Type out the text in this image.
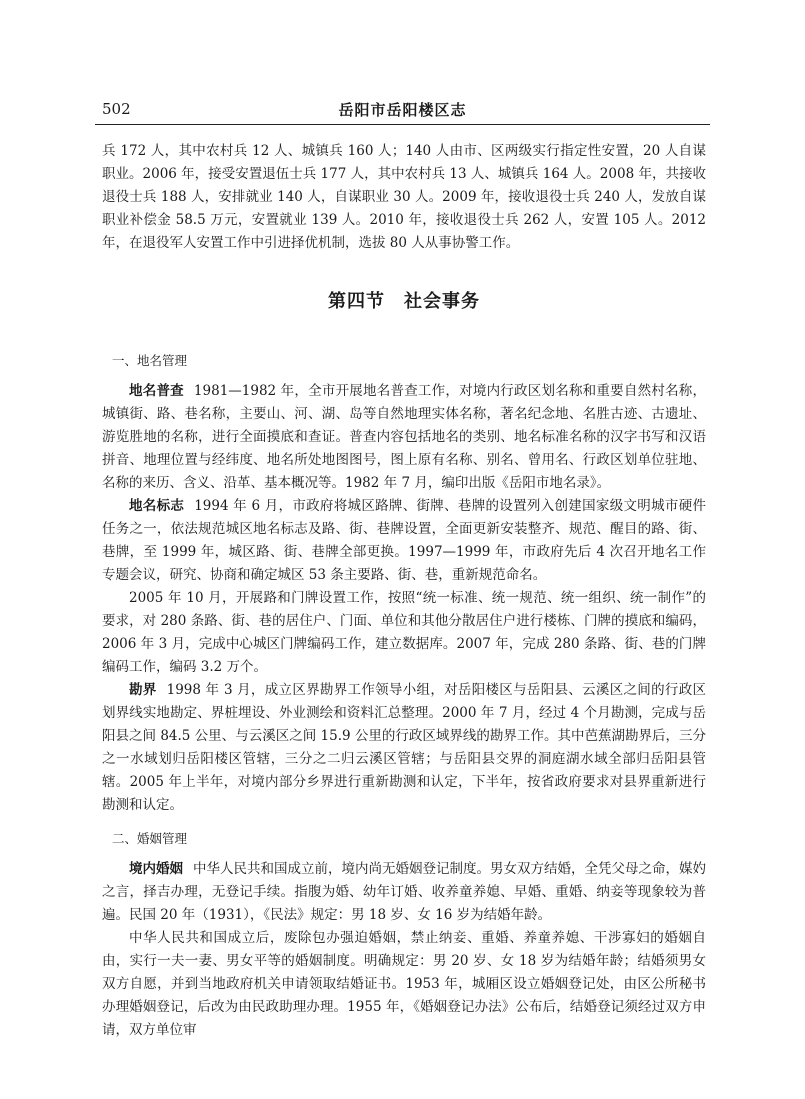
502	岳阳市岳阳楼区志

兵 172 人，其中农村兵 12 人、城镇兵 160 人；140 人由市、区两级实行指定性安置，20 人自谋职业。2006 年，接受安置退伍士兵 177 人，其中农村兵 13 人、城镇兵 164 人。2008 年，共接收退役士兵 188 人，安排就业 140 人，自谋职业 30 人。2009 年，接收退役士兵 240 人，发放自谋职业补偿金 58.5 万元，安置就业 139 人。2010 年，接收退役士兵 262 人，安置 105 人。2012 年，在退役军人安置工作中引进择优机制，选拔 80 人从事协警工作。

第四节　社会事务
一、地名管理

地名普查 1981—1982 年，全市开展地名普查工作，对境内行政区划名称和重要自然村名称，城镇街、路、巷名称，主要山、河、湖、岛等自然地理实体名称，著名纪念地、名胜古迹、古遗址、游览胜地的名称，进行全面摸底和查证。普查内容包括地名的类别、地名标准名称的汉字书写和汉语拼音、地理位置与经纬度、地名所处地图图号，图上原有名称、别名、曾用名、行政区划单位驻地、名称的来历、含义、沿革、基本概况等。1982 年 7 月，编印出版《岳阳市地名录》。

地名标志 1994 年 6 月，市政府将城区路牌、街牌、巷牌的设置列入创建国家级文明城市硬件任务之一，依法规范城区地名标志及路、街、巷牌设置，全面更新安装整齐、规范、醒目的路、街、巷牌，至 1999 年，城区路、街、巷牌全部更换。1997—1999 年，市政府先后 4 次召开地名工作专题会议，研究、协商和确定城区 53 条主要路、街、巷，重新规范命名。

2005 年 10 月，开展路和门牌设置工作，按照“统一标准、统一规范、统一组织、统一制作”的要求，对 280 条路、街、巷的居住户、门面、单位和其他分散居住户进行楼栋、门牌的摸底和编码，2006 年 3 月，完成中心城区门牌编码工作，建立数据库。2007 年，完成 280 条路、街、巷的门牌编码工作，编码 3.2 万个。

勘界 1998 年 3 月，成立区界勘界工作领导小组，对岳阳楼区与岳阳县、云溪区之间的行政区划界线实地勘定、界桩埋设、外业测绘和资料汇总整理。2000 年 7 月，经过 4 个月勘测，完成与岳阳县之间 84.5 公里、与云溪区之间 15.9 公里的行政区域界线的勘界工作。其中芭蕉湖勘界后，三分之一水域划归岳阳楼区管辖，三分之二归云溪区管辖；与岳阳县交界的洞庭湖水域全部归岳阳县管辖。2005 年上半年，对境内部分乡界进行重新勘测和认定，下半年，按省政府要求对县界重新进行勘测和认定。

二、婚姻管理

境内婚姻 中华人民共和国成立前，境内尚无婚姻登记制度。男女双方结婚，全凭父母之命，媒妁之言，择吉办理，无登记手续。指腹为婚、幼年订婚、收养童养媳、早婚、重婚、纳妾等现象较为普遍。民国 20 年（1931），《民法》规定：男 18 岁、女 16 岁为结婚年龄。

中华人民共和国成立后，废除包办强迫婚姻，禁止纳妾、重婚、养童养媳、干涉寡妇的婚姻自由，实行一夫一妻、男女平等的婚姻制度。明确规定：男 20 岁、女 18 岁为结婚年龄；结婚须男女双方自愿，并到当地政府机关申请领取结婚证书。1953 年，城厢区设立婚姻登记处，由区公所秘书办理婚姻登记，后改为由民政助理办理。1955 年，《婚姻登记办法》公布后，结婚登记须经过双方申请，双方单位审
